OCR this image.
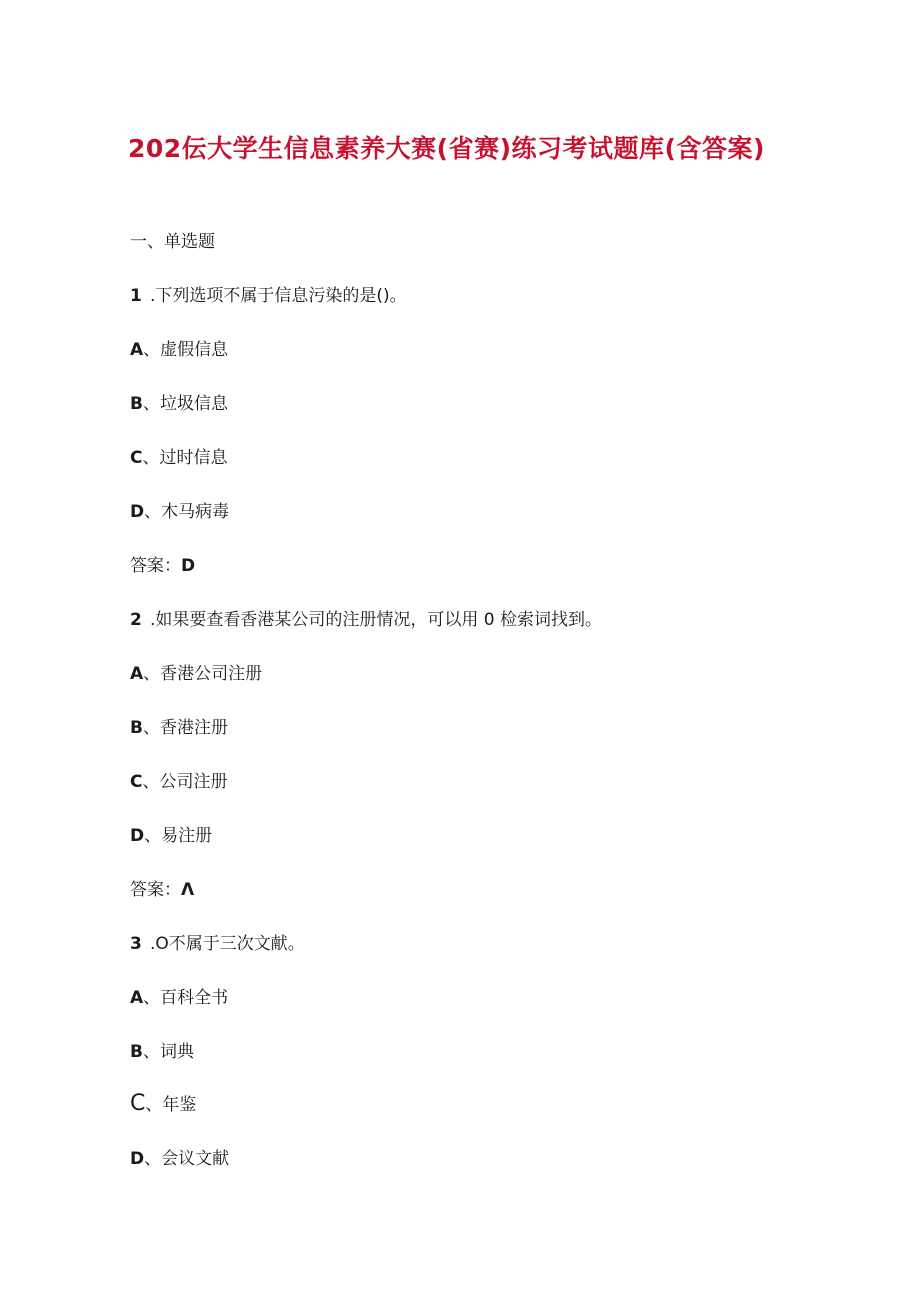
202伝大学生信息素养大赛(省赛)练习考试题库(含答案)
一、单选题
1 .下列选项不属于信息污染的是()。
A、虚假信息
B、垃圾信息
C、过时信息
D、木马病毒
答案：D
2 .如果要查看香港某公司的注册情况，可以用 0 检索词找到。
A、香港公司注册
B、香港注册
C、公司注册
D、易注册
答案：Λ
3 .O不属于三次文献。
A、百科全书
B、词典
C、年鉴
D、会议文献
